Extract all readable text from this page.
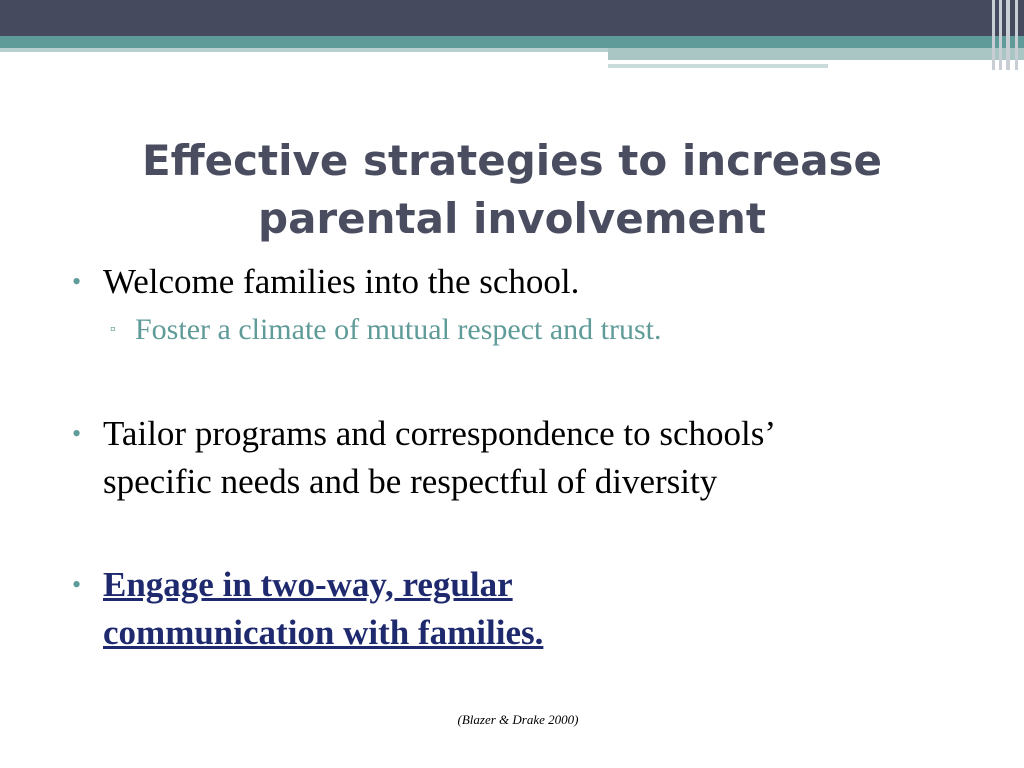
Effective strategies to increase
parental involvement
• Welcome families into the school.
▫ Foster a climate of mutual respect and trust.
• Tailor programs and correspondence to schools’
specific needs and be respectful of diversity
• Engage in two-way, regular
communication with families.
(Blazer & Drake 2000)
